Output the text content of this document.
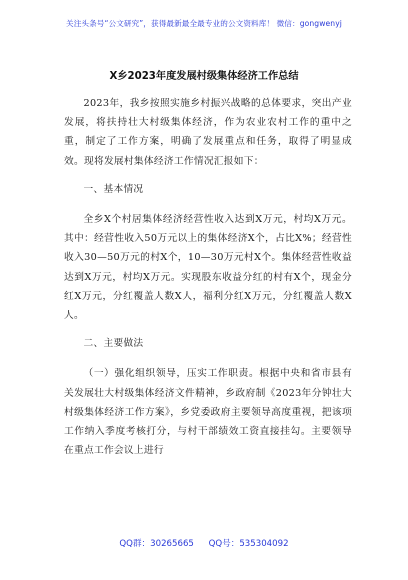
关注头条号“公文研究”，获得最新最全最专业的公文资料库！ 微信：gongwenyj
X乡2023年度发展村级集体经济工作总结

2023年，我乡按照实施乡村振兴战略的总体要求，突出产业发展，将扶持壮大村级集体经济，作为农业农村工作的重中之重，制定了工作方案，明确了发展重点和任务，取得了明显成效。现将发展村集体经济工作情况汇报如下：

一、基本情况

全乡X个村居集体经济经营性收入达到X万元，村均X万元。其中：经营性收入50万元以上的集体经济X个，占比X%；经营性收入30—50万元的村X个，10—30万元村X个。集体经营性收益达到X万元，村均X万元。实现股东收益分红的村有X个，现金分红X万元，分红覆盖人数X人，福利分红X万元，分红覆盖人数X人。

二、主要做法

（一）强化组织领导，压实工作职责。根据中央和省市县有关发展壮大村级集体经济文件精神，乡政府制《2023年分钟壮大村级集体经济工作方案》，乡党委政府主要领导高度重视，把该项工作纳入季度考核打分，与村干部绩效工资直接挂勾。主要领导在重点工作会议上进行

QQ群：30265665 QQ号：535304092
